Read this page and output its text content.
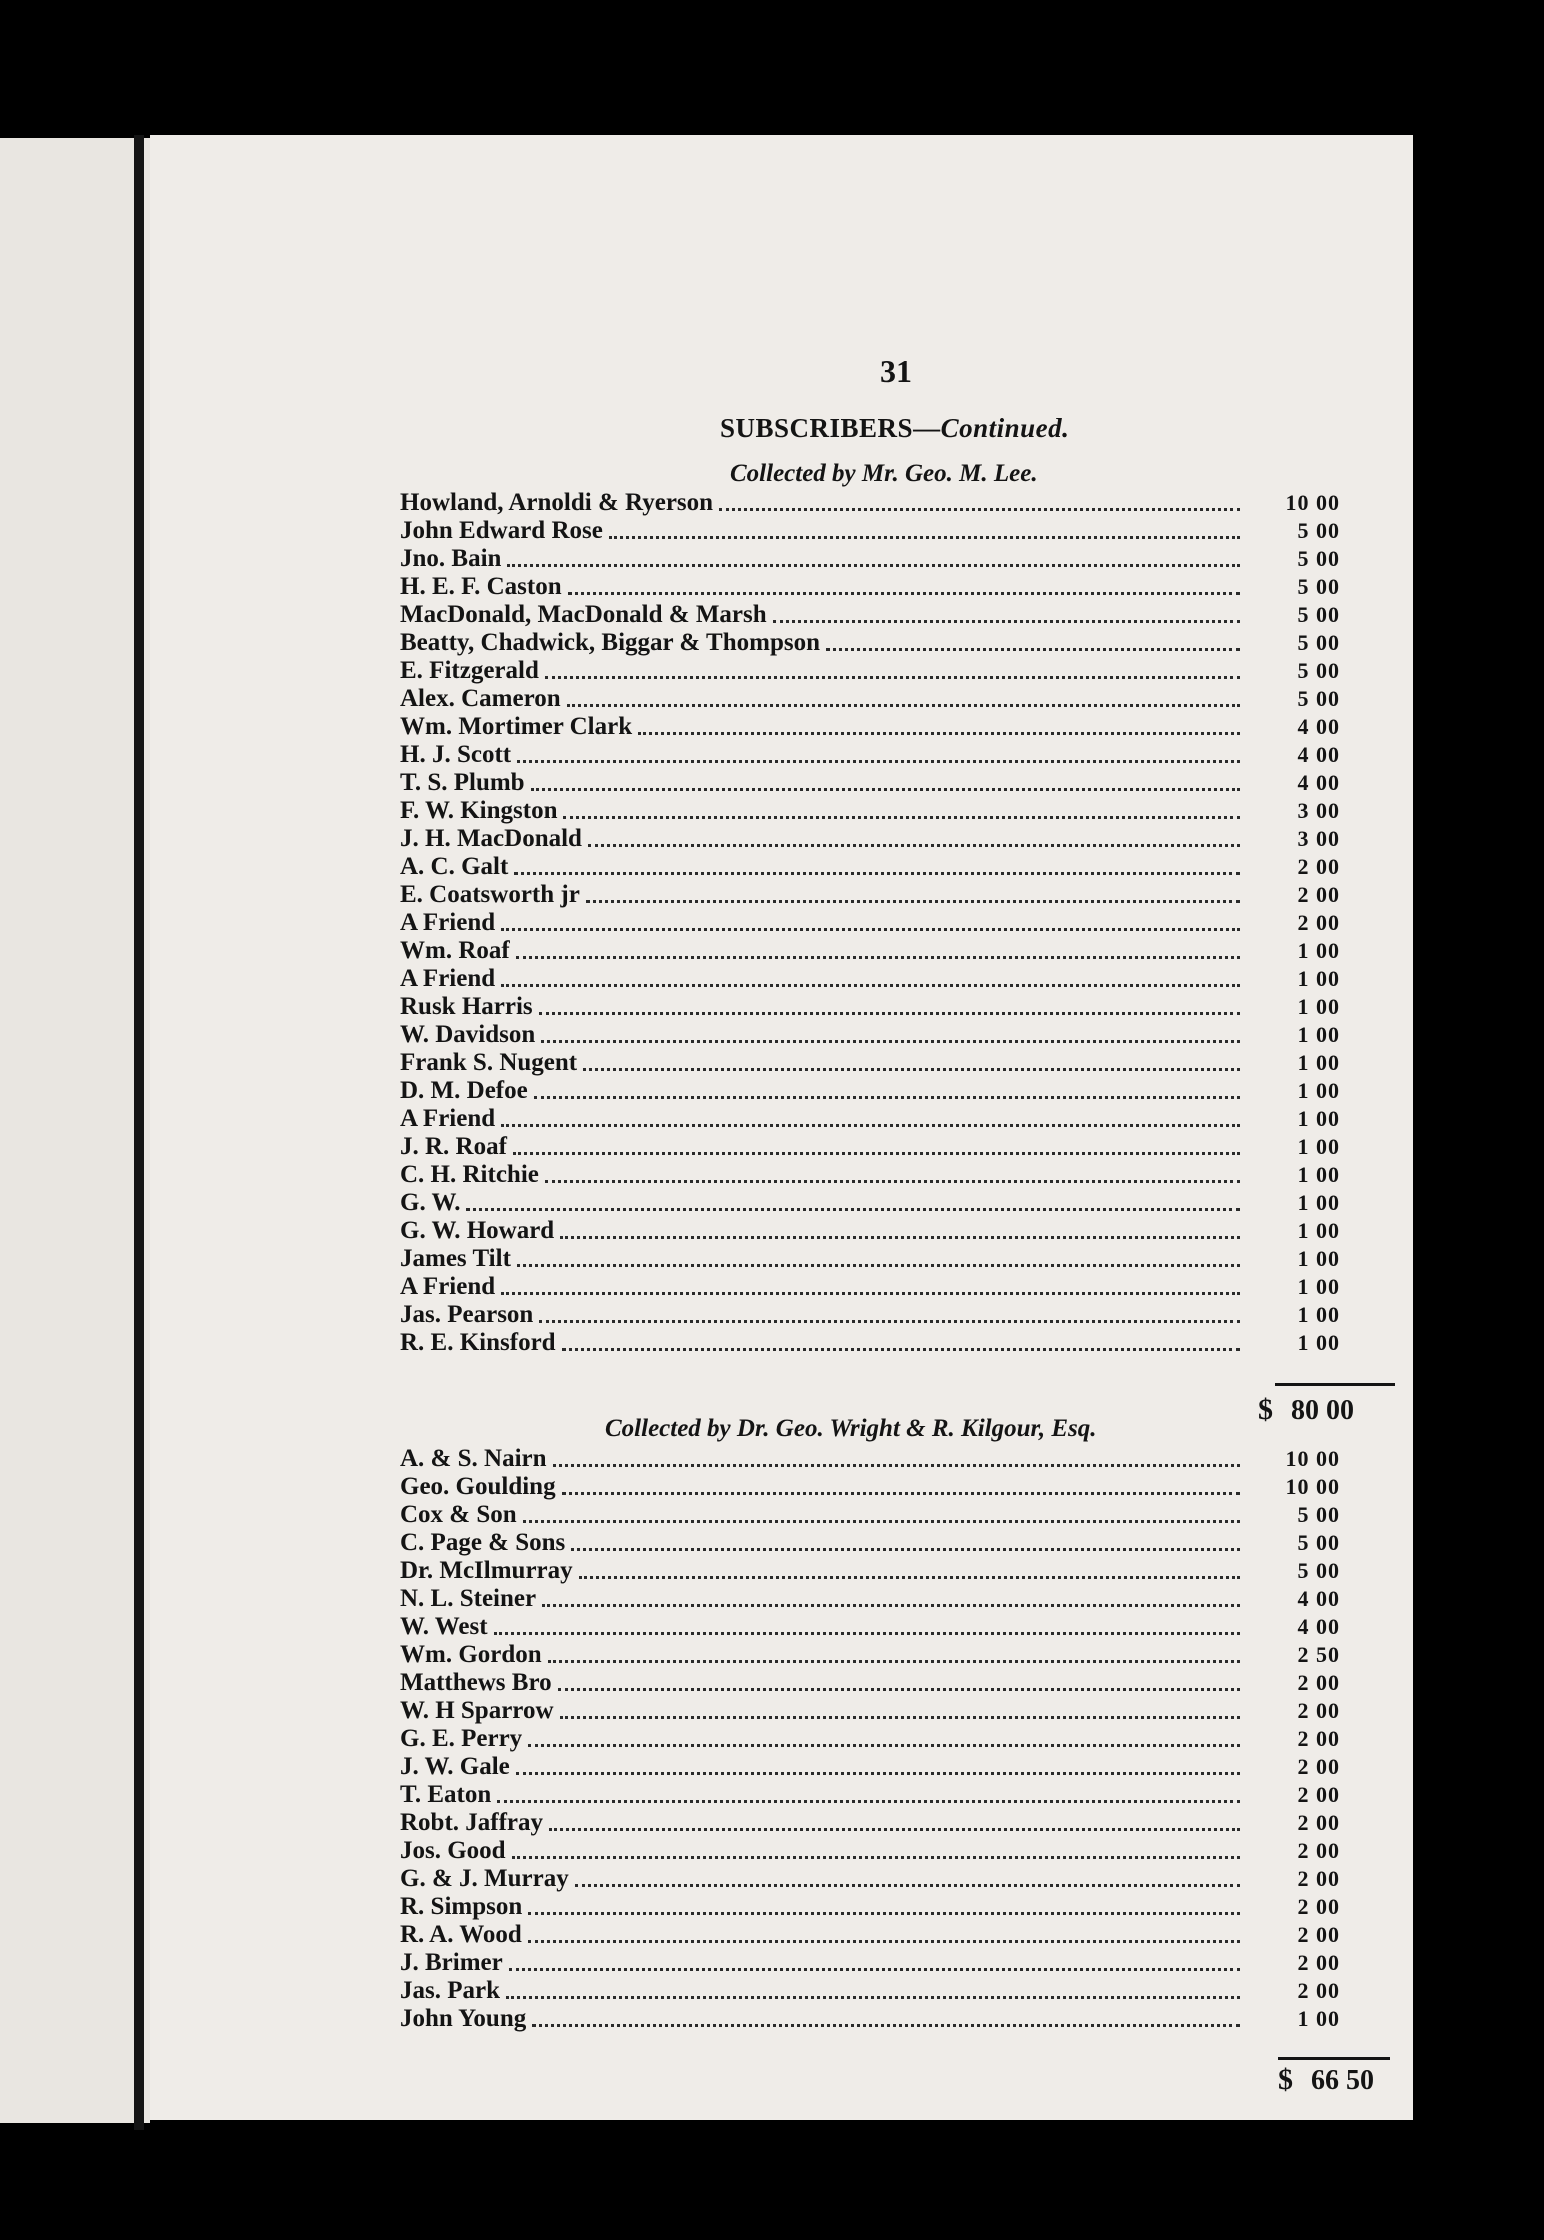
31
SUBSCRIBERS—Continued.
Collected by Mr. Geo. M. Lee.
Howland, Arnoldi & Ryerson	10 00
John Edward Rose	5 00
Jno. Bain	5 00
H. E. F. Caston	5 00
MacDonald, MacDonald & Marsh	5 00
Beatty, Chadwick, Biggar & Thompson	5 00
E. Fitzgerald	5 00
Alex. Cameron	5 00
Wm. Mortimer Clark	4 00
H. J. Scott	4 00
T. S. Plumb	4 00
F. W. Kingston	3 00
J. H. MacDonald	3 00
A. C. Galt	2 00
E. Coatsworth jr	2 00
A Friend	2 00
Wm. Roaf	1 00
A Friend	1 00
Rusk Harris	1 00
W. Davidson	1 00
Frank S. Nugent	1 00
D. M. Defoe	1 00
A Friend	1 00
J. R. Roaf	1 00
C. H. Ritchie	1 00
G. W.	1 00
G. W. Howard	1 00
James Tilt	1 00
A Friend	1 00
Jas. Pearson	1 00
R. E. Kinsford	1 00
$ 80 00
Collected by Dr. Geo. Wright & R. Kilgour, Esq.
A. & S. Nairn	10 00
Geo. Goulding	10 00
Cox & Son	5 00
C. Page & Sons	5 00
Dr. McIlmurray	5 00
N. L. Steiner	4 00
W. West	4 00
Wm. Gordon	2 50
Matthews Bro	2 00
W. H Sparrow	2 00
G. E. Perry	2 00
J. W. Gale	2 00
T. Eaton	2 00
Robt. Jaffray	2 00
Jos. Good	2 00
G. & J. Murray	2 00
R. Simpson	2 00
R. A. Wood	2 00
J. Brimer	2 00
Jas. Park	2 00
John Young	1 00
$ 66 50
